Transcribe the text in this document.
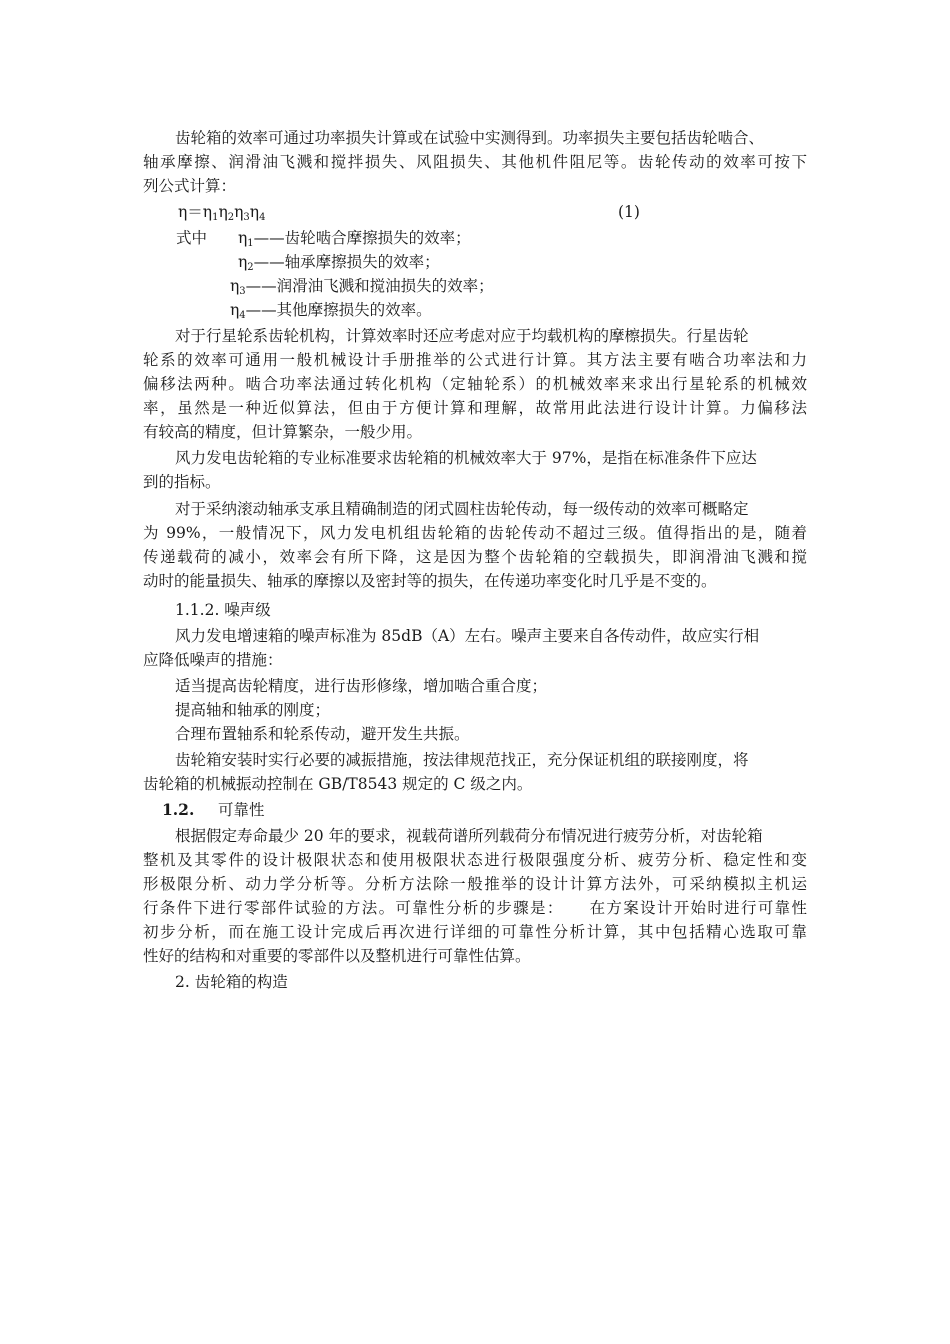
齿轮箱的效率可通过功率损失计算或在试验中实测得到。功率损失主要包括齿轮啮合、
轴承摩擦、润滑油飞溅和搅拌损失、风阻损失、其他机件阻尼等。齿轮传动的效率可按下
列公式计算：
$\eta=\eta_1\eta_2\eta_3\eta_4$	(1)
式中 $\eta_1——$齿轮啮合摩擦损失的效率；
$\eta_2——$轴承摩擦损失的效率；
$\eta_3——$润滑油飞溅和搅油损失的效率；
$\eta_4——$其他摩擦损失的效率。
对于行星轮系齿轮机构，计算效率时还应考虑对应于均载机构的摩檫损失。行星齿轮
轮系的效率可通用一般机械设计手册推举的公式进行计算。其方法主要有啮合功率法和力
偏移法两种。啮合功率法通过转化机构（定轴轮系）的机械效率来求出行星轮系的机械效
率，虽然是一种近似算法，但由于方便计算和理解，故常用此法进行设计计算。力偏移法
有较高的精度，但计算繁杂，一般少用。
风力发电齿轮箱的专业标准要求齿轮箱的机械效率大于 97%，是指在标准条件下应达
到的指标。
对于采纳滚动轴承支承且精确制造的闭式圆柱齿轮传动，每一级传动的效率可概略定
为 99%，一般情况下，风力发电机组齿轮箱的齿轮传动不超过三级。值得指出的是，随着
传递载荷的减小，效率会有所下降，这是因为整个齿轮箱的空载损失，即润滑油飞溅和搅
动时的能量损失、轴承的摩擦以及密封等的损失，在传递功率变化时几乎是不变的。
1.1.2. 噪声级
风力发电增速箱的噪声标准为 85dB（A）左右。噪声主要来自各传动件，故应实行相
应降低噪声的措施：
适当提高齿轮精度，进行齿形修缘，增加啮合重合度；
提高轴和轴承的刚度；
合理布置轴系和轮系传动，避开发生共振。
齿轮箱安装时实行必要的减振措施，按法律规范找正，充分保证机组的联接刚度，将
齿轮箱的机械振动控制在 GB/T8543 规定的 C 级之内。
1.2. 可靠性
根据假定寿命最少 20 年的要求，视载荷谱所列载荷分布情况进行疲劳分析，对齿轮箱
整机及其零件的设计极限状态和使用极限状态进行极限强度分析、疲劳分析、稳定性和变
形极限分析、动力学分析等。分析方法除一般推举的设计计算方法外，可采纳模拟主机运
行条件下进行零部件试验的方法。可靠性分析的步骤是：　　在方案设计开始时进行可靠性
初步分析，而在施工设计完成后再次进行详细的可靠性分析计算，其中包括精心选取可靠
性好的结构和对重要的零部件以及整机进行可靠性估算。
2. 齿轮箱的构造
